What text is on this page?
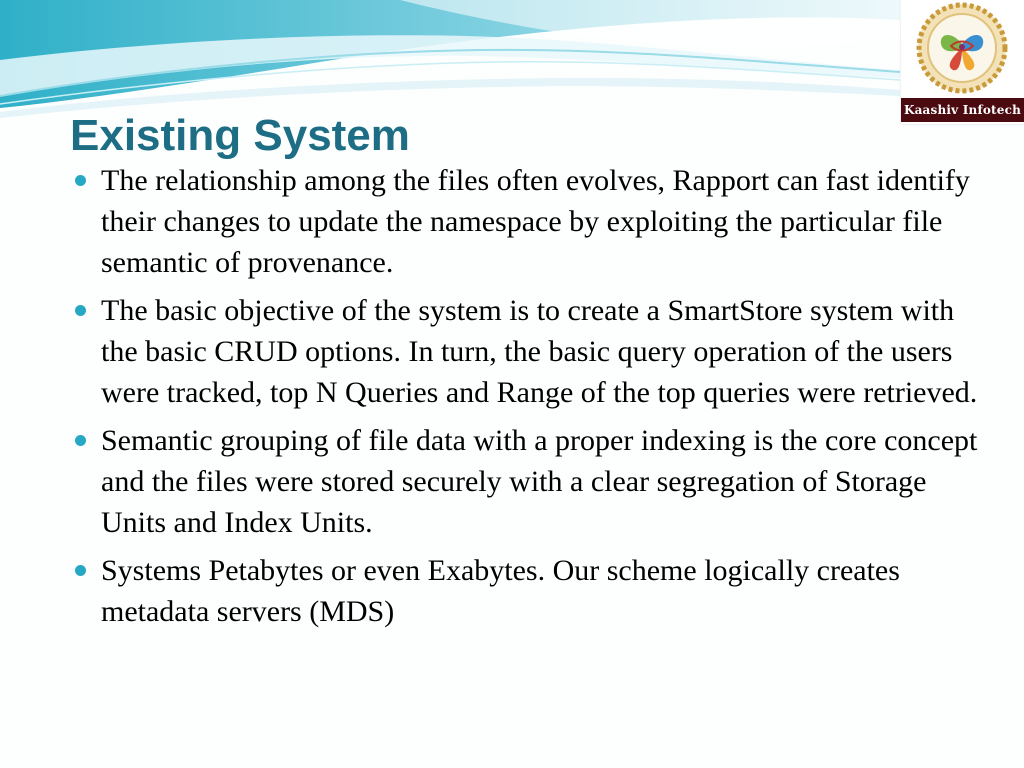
Kaashiv Infotech
Existing System
The relationship among the files often evolves, Rapport can fast identify their changes to update the namespace by exploiting the particular file semantic of provenance.
The basic objective of the system is to create a SmartStore system with the basic CRUD options. In turn, the basic query operation of the users were tracked, top N Queries and Range of the top queries were retrieved.
Semantic grouping of file data with a proper indexing is the core concept and the files were stored securely with a clear segregation of Storage Units and Index Units.
Systems Petabytes or even Exabytes. Our scheme logically creates metadata servers (MDS)
